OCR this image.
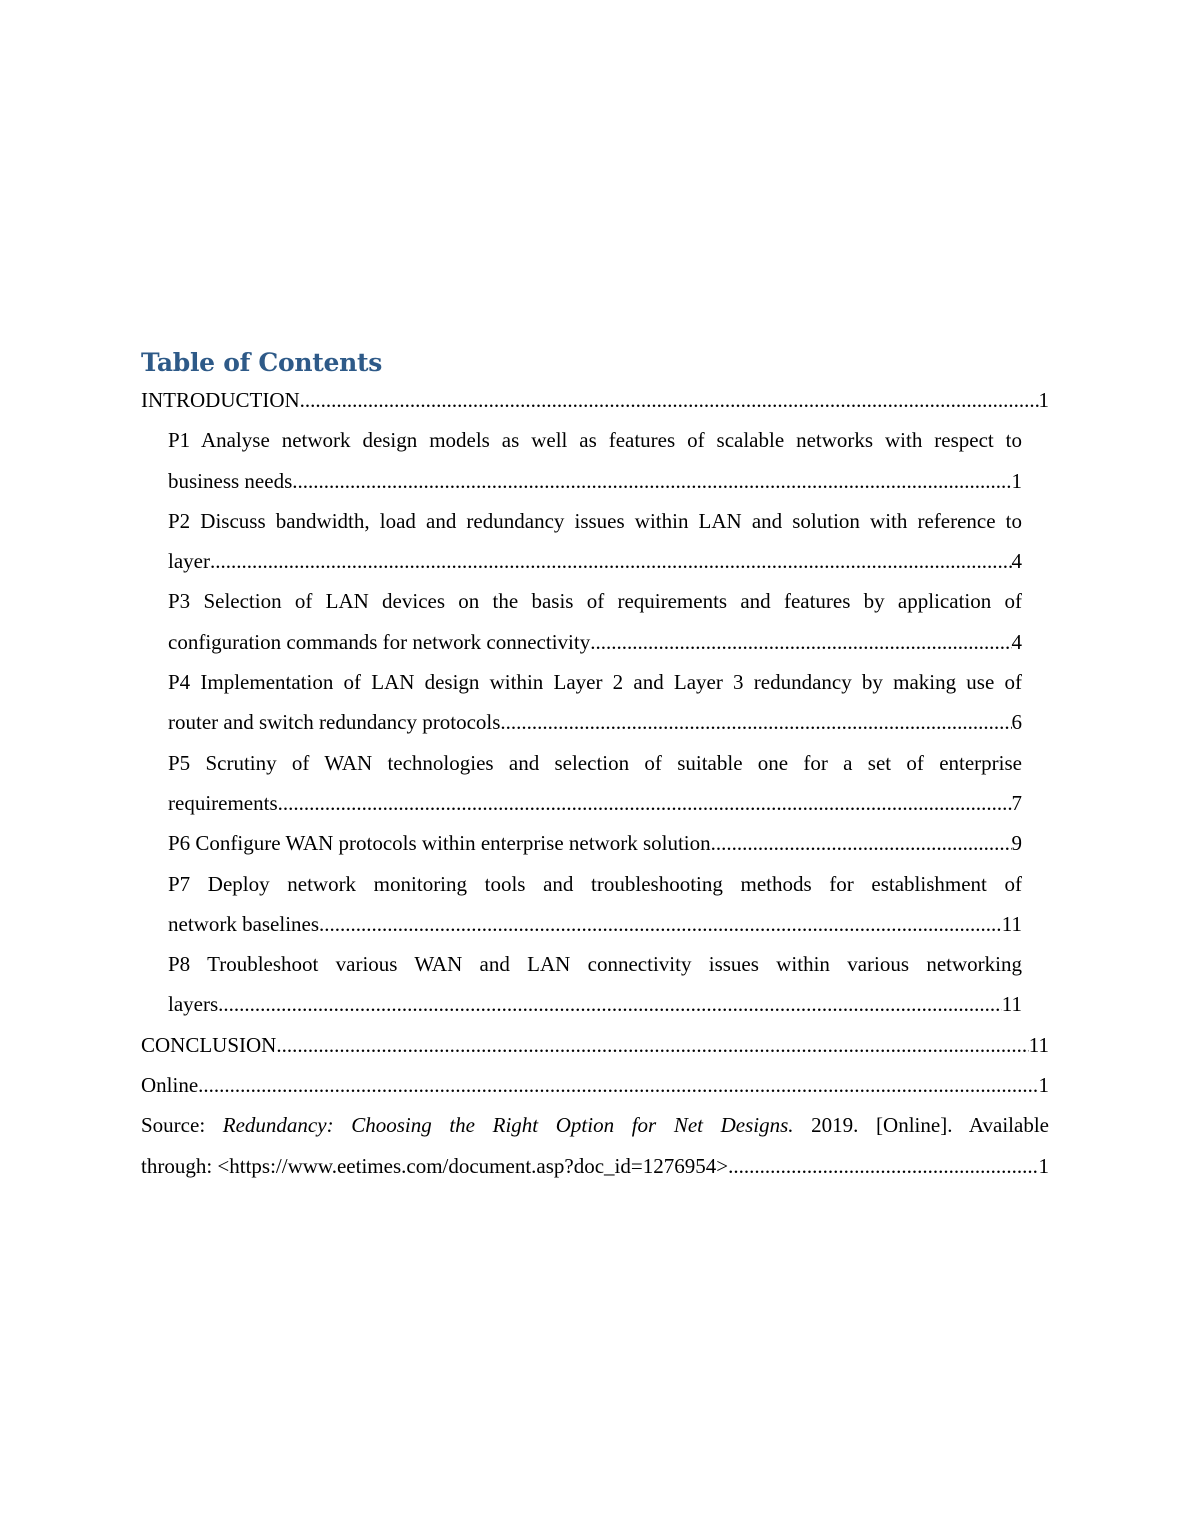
Table of Contents
INTRODUCTION .....	1
P1 Analyse network design models as well as features of scalable networks with respect to
business needs .....	1
P2 Discuss bandwidth, load and redundancy issues within LAN and solution with reference to
layer .....	4
P3 Selection of LAN devices on the basis of requirements and features by application of
configuration commands for network connectivity .....	4
P4 Implementation of LAN design within Layer 2 and Layer 3 redundancy by making use of
router and switch redundancy protocols .....	6
P5 Scrutiny of WAN technologies and selection of suitable one for a set of enterprise
requirements .....	7
P6 Configure WAN protocols within enterprise network solution .....	9
P7 Deploy network monitoring tools and troubleshooting methods for establishment of
network baselines .....	11
P8 Troubleshoot various WAN and LAN connectivity issues within various networking
layers .....	11
CONCLUSION .....	11
Online .....	1
Source: Redundancy: Choosing the Right Option for Net Designs. 2019. [Online]. Available
through: <https://www.eetimes.com/document.asp?doc_id=1276954> .....	1
